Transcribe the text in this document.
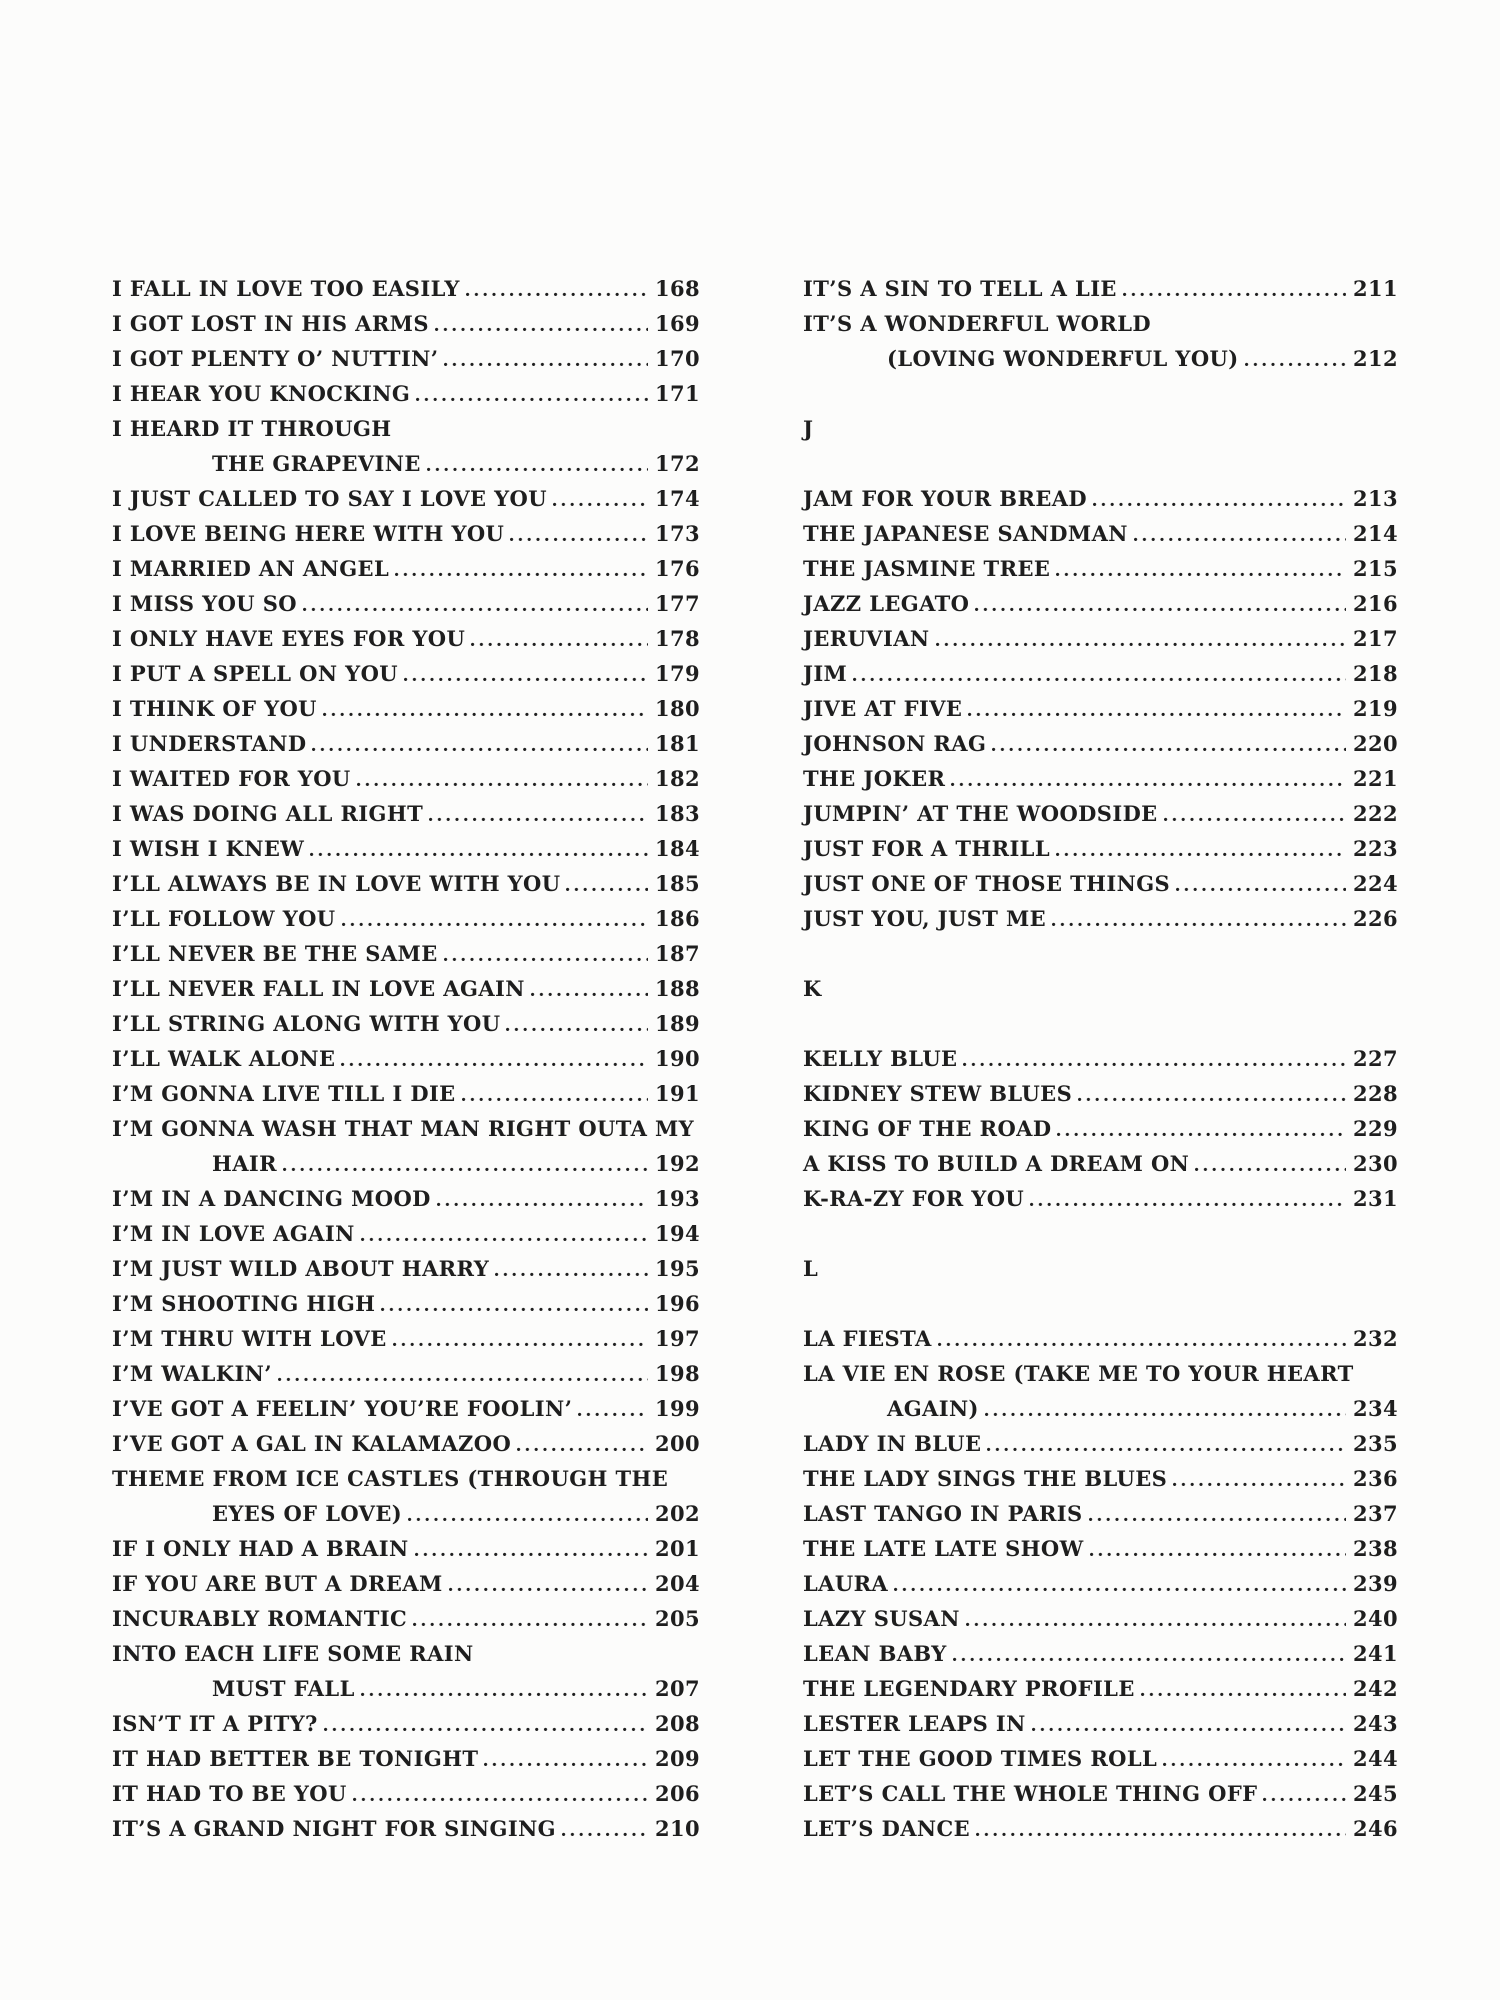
I FALL IN LOVE TOO EASILY	168
I GOT LOST IN HIS ARMS	169
I GOT PLENTY O’ NUTTIN’	170
I HEAR YOU KNOCKING	171
I HEARD IT THROUGH
THE GRAPEVINE	172
I JUST CALLED TO SAY I LOVE YOU	174
I LOVE BEING HERE WITH YOU	173
I MARRIED AN ANGEL	176
I MISS YOU SO	177
I ONLY HAVE EYES FOR YOU	178
I PUT A SPELL ON YOU	179
I THINK OF YOU	180
I UNDERSTAND	181
I WAITED FOR YOU	182
I WAS DOING ALL RIGHT	183
I WISH I KNEW	184
I’LL ALWAYS BE IN LOVE WITH YOU	185
I’LL FOLLOW YOU	186
I’LL NEVER BE THE SAME	187
I’LL NEVER FALL IN LOVE AGAIN	188
I’LL STRING ALONG WITH YOU	189
I’LL WALK ALONE	190
I’M GONNA LIVE TILL I DIE	191
I’M GONNA WASH THAT MAN RIGHT OUTA MY
HAIR	192
I’M IN A DANCING MOOD	193
I’M IN LOVE AGAIN	194
I’M JUST WILD ABOUT HARRY	195
I’M SHOOTING HIGH	196
I’M THRU WITH LOVE	197
I’M WALKIN’	198
I’VE GOT A FEELIN’ YOU’RE FOOLIN’	199
I’VE GOT A GAL IN KALAMAZOO	200
THEME FROM ICE CASTLES (THROUGH THE
EYES OF LOVE)	202
IF I ONLY HAD A BRAIN	201
IF YOU ARE BUT A DREAM	204
INCURABLY ROMANTIC	205
INTO EACH LIFE SOME RAIN
MUST FALL	207
ISN’T IT A PITY?	208
IT HAD BETTER BE TONIGHT	209
IT HAD TO BE YOU	206
IT’S A GRAND NIGHT FOR SINGING	210
IT’S A SIN TO TELL A LIE	211
IT’S A WONDERFUL WORLD
(LOVING WONDERFUL YOU)	212
J
JAM FOR YOUR BREAD	213
THE JAPANESE SANDMAN	214
THE JASMINE TREE	215
JAZZ LEGATO	216
JERUVIAN	217
JIM	218
JIVE AT FIVE	219
JOHNSON RAG	220
THE JOKER	221
JUMPIN’ AT THE WOODSIDE	222
JUST FOR A THRILL	223
JUST ONE OF THOSE THINGS	224
JUST YOU, JUST ME	226
K
KELLY BLUE	227
KIDNEY STEW BLUES	228
KING OF THE ROAD	229
A KISS TO BUILD A DREAM ON	230
K-RA-ZY FOR YOU	231
L
LA FIESTA	232
LA VIE EN ROSE (TAKE ME TO YOUR HEART
AGAIN)	234
LADY IN BLUE	235
THE LADY SINGS THE BLUES	236
LAST TANGO IN PARIS	237
THE LATE LATE SHOW	238
LAURA	239
LAZY SUSAN	240
LEAN BABY	241
THE LEGENDARY PROFILE	242
LESTER LEAPS IN	243
LET THE GOOD TIMES ROLL	244
LET’S CALL THE WHOLE THING OFF	245
LET’S DANCE	246
